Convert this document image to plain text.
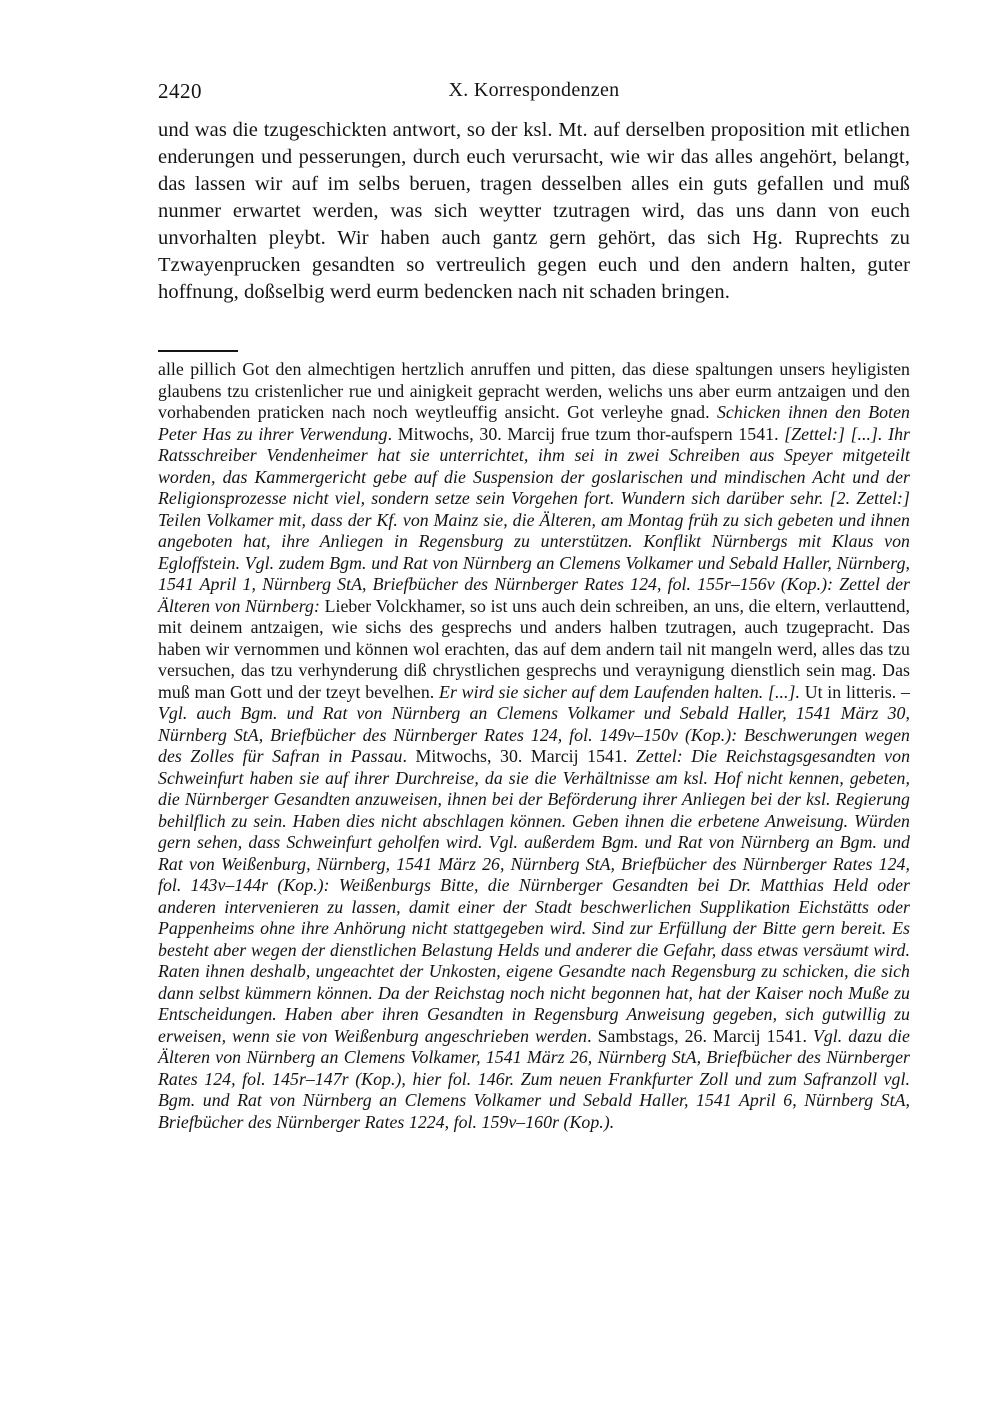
2420	X. Korrespondenzen
und was die tzugeschickten antwort, so der ksl. Mt. auf derselben proposition mit etlichen enderungen und pesserungen, durch euch verursacht, wie wir das alles angehört, belangt, das lassen wir auf im selbs beruen, tragen desselben alles ein guts gefallen und muß nunmer erwartet werden, was sich weytter tzutragen wird, das uns dann von euch unvorhalten pleybt. Wir haben auch gantz gern gehört, das sich Hg. Ruprechts zu Tzwayenprucken gesandten so vertreulich gegen euch und den andern halten, guter hoffnung, doßselbig werd eurm bedencken nach nit schaden bringen.
alle pillich Got den almechtigen hertzlich anruffen und pitten, das diese spaltungen unsers heyligisten glaubens tzu cristenlicher rue und ainigkeit gepracht werden, welichs uns aber eurm antzaigen und den vorhabenden praticken nach noch weytleuffig ansicht. Got verleyhe gnad. Schicken ihnen den Boten Peter Has zu ihrer Verwendung. Mitwochs, 30. Marcij frue tzum thor-aufspern 1541. [Zettel:] [...]. Ihr Ratsschreiber Vendenheimer hat sie unterrichtet, ihm sei in zwei Schreiben aus Speyer mitgeteilt worden, das Kammergericht gebe auf die Suspension der goslarischen und mindischen Acht und der Religionsprozesse nicht viel, sondern setze sein Vorgehen fort. Wundern sich darüber sehr. [2. Zettel:] Teilen Volkamer mit, dass der Kf. von Mainz sie, die Älteren, am Montag früh zu sich gebeten und ihnen angeboten hat, ihre Anliegen in Regensburg zu unterstützen. Konflikt Nürnbergs mit Klaus von Egloffstein. Vgl. zudem Bgm. und Rat von Nürnberg an Clemens Volkamer und Sebald Haller, Nürnberg, 1541 April 1, Nürnberg StA, Briefbücher des Nürnberger Rates 124, fol. 155r–156v (Kop.): Zettel der Älteren von Nürnberg: Lieber Volckhamer, so ist uns auch dein schreiben, an uns, die eltern, verlauttend, mit deinem antzaigen, wie sichs des gesprechs und anders halben tzutragen, auch tzugepracht. Das haben wir vernommen und können wol erachten, das auf dem andern tail nit mangeln werd, alles das tzu versuchen, das tzu verhynderung diß chrystlichen gesprechs und veraynigung dienstlich sein mag. Das muß man Gott und der tzeyt bevelhen. Er wird sie sicher auf dem Laufenden halten. [...]. Ut in litteris. – Vgl. auch Bgm. und Rat von Nürnberg an Clemens Volkamer und Sebald Haller, 1541 März 30, Nürnberg StA, Briefbücher des Nürnberger Rates 124, fol. 149v–150v (Kop.): Beschwerungen wegen des Zolles für Safran in Passau. Mitwochs, 30. Marcij 1541. Zettel: Die Reichstagsgesandten von Schweinfurt haben sie auf ihrer Durchreise, da sie die Verhältnisse am ksl. Hof nicht kennen, gebeten, die Nürnberger Gesandten anzuweisen, ihnen bei der Beförderung ihrer Anliegen bei der ksl. Regierung behilflich zu sein. Haben dies nicht abschlagen können. Geben ihnen die erbetene Anweisung. Würden gern sehen, dass Schweinfurt geholfen wird. Vgl. außerdem Bgm. und Rat von Nürnberg an Bgm. und Rat von Weißenburg, Nürnberg, 1541 März 26, Nürnberg StA, Briefbücher des Nürnberger Rates 124, fol. 143v–144r (Kop.): Weißenburgs Bitte, die Nürnberger Gesandten bei Dr. Matthias Held oder anderen intervenieren zu lassen, damit einer der Stadt beschwerlichen Supplikation Eichstätts oder Pappenheims ohne ihre Anhörung nicht stattgegeben wird. Sind zur Erfüllung der Bitte gern bereit. Es besteht aber wegen der dienstlichen Belastung Helds und anderer die Gefahr, dass etwas versäumt wird. Raten ihnen deshalb, ungeachtet der Unkosten, eigene Gesandte nach Regensburg zu schicken, die sich dann selbst kümmern können. Da der Reichstag noch nicht begonnen hat, hat der Kaiser noch Muße zu Entscheidungen. Haben aber ihren Gesandten in Regensburg Anweisung gegeben, sich gutwillig zu erweisen, wenn sie von Weißenburg angeschrieben werden. Sambstags, 26. Marcij 1541. Vgl. dazu die Älteren von Nürnberg an Clemens Volkamer, 1541 März 26, Nürnberg StA, Briefbücher des Nürnberger Rates 124, fol. 145r–147r (Kop.), hier fol. 146r. Zum neuen Frankfurter Zoll und zum Safranzoll vgl. Bgm. und Rat von Nürnberg an Clemens Volkamer und Sebald Haller, 1541 April 6, Nürnberg StA, Briefbücher des Nürnberger Rates 1224, fol. 159v–160r (Kop.).
